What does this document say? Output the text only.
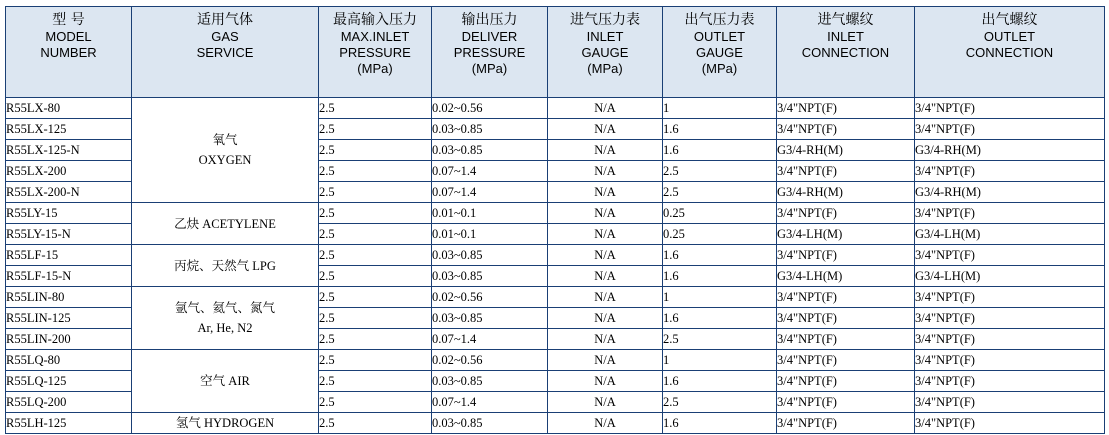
型 号
MODEL
NUMBER	适用气体
GAS
SERVICE	最高输入压力
MAX.INLET
PRESSURE
(MPa)	输出压力
DELIVER
PRESSURE
(MPa)	进气压力表
INLET
GAUGE
(MPa)	出气压力表
OUTLET
GAUGE
(MPa)	进气螺纹
INLET
CONNECTION	出气螺纹
OUTLET
CONNECTION

R55LX-80	氧气
OXYGEN	2.5	0.02~0.56	N/A	1	3/4"NPT(F)	3/4"NPT(F)
R55LX-125		2.5	0.03~0.85	N/A	1.6	3/4"NPT(F)	3/4"NPT(F)
R55LX-125-N		2.5	0.03~0.85	N/A	1.6	G3/4-RH(M)	G3/4-RH(M)
R55LX-200		2.5	0.07~1.4	N/A	2.5	3/4"NPT(F)	3/4"NPT(F)
R55LX-200-N		2.5	0.07~1.4	N/A	2.5	G3/4-RH(M)	G3/4-RH(M)
R55LY-15	乙炔 ACETYLENE	2.5	0.01~0.1	N/A	0.25	3/4"NPT(F)	3/4"NPT(F)
R55LY-15-N		2.5	0.01~0.1	N/A	0.25	G3/4-LH(M)	G3/4-LH(M)
R55LF-15	丙烷、天然气 LPG	2.5	0.03~0.85	N/A	1.6	3/4"NPT(F)	3/4"NPT(F)
R55LF-15-N		2.5	0.03~0.85	N/A	1.6	G3/4-LH(M)	G3/4-LH(M)
R55LIN-80	氩气、氦气、氮气
Ar, He, N2	2.5	0.02~0.56	N/A	1	3/4"NPT(F)	3/4"NPT(F)
R55LIN-125		2.5	0.03~0.85	N/A	1.6	3/4"NPT(F)	3/4"NPT(F)
R55LIN-200		2.5	0.07~1.4	N/A	2.5	3/4"NPT(F)	3/4"NPT(F)
R55LQ-80	空气 AIR	2.5	0.02~0.56	N/A	1	3/4"NPT(F)	3/4"NPT(F)
R55LQ-125		2.5	0.03~0.85	N/A	1.6	3/4"NPT(F)	3/4"NPT(F)
R55LQ-200		2.5	0.07~1.4	N/A	2.5	3/4"NPT(F)	3/4"NPT(F)
R55LH-125	氢气 HYDROGEN	2.5	0.03~0.85	N/A	1.6	3/4"NPT(F)	3/4"NPT(F)
